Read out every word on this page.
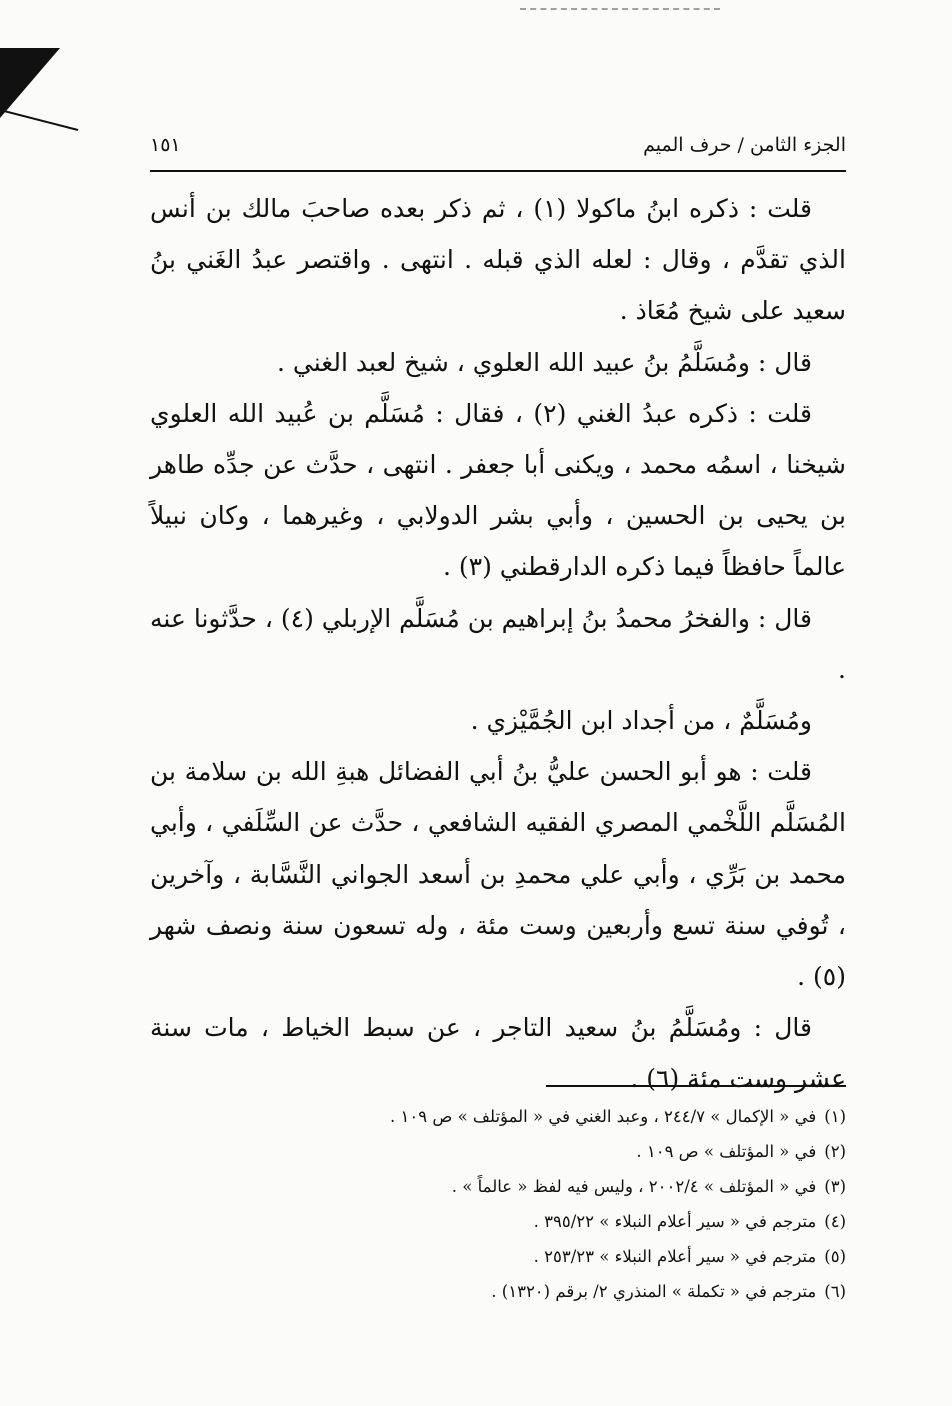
الجزء الثامن / حرف الميم
١٥١

قلت : ذكره ابنُ ماكولا (١) ، ثم ذكر بعده صاحبَ مالك بن أنس الذي تقدَّم ، وقال : لعله الذي قبله . انتهى . واقتصر عبدُ الغَني بنُ سعيد على شيخ مُعَاذ .

قال : ومُسَلَّمُ بنُ عبيد الله العلوي ، شيخ لعبد الغني .

قلت : ذكره عبدُ الغني (٢) ، فقال : مُسَلَّم بن عُبيد الله العلوي شيخنا ، اسمُه محمد ، ويكنى أبا جعفر . انتهى ، حدَّث عن جدِّه طاهر بن يحيى بن الحسين ، وأبي بشر الدولابي ، وغيرهما ، وكان نبيلاً عالماً حافظاً فيما ذكره الدارقطني (٣) .

قال : والفخرُ محمدُ بنُ إبراهيم بن مُسَلَّم الإربلي (٤) ، حدَّثونا عنه .

ومُسَلَّمٌ ، من أجداد ابن الجُمَّيْزي .

قلت : هو أبو الحسن عليُّ بنُ أبي الفضائل هبةِ الله بن سلامة بن المُسَلَّم اللَّخْمي المصري الفقيه الشافعي ، حدَّث عن السِّلَفي ، وأبي محمد بن بَرِّي ، وأبي علي محمدِ بن أسعد الجواني النَّسَّابة ، وآخرين ، تُوفي سنة تسع وأربعين وست مئة ، وله تسعون سنة ونصف شهر (٥) .

قال : ومُسَلَّمُ بنُ سعيد التاجر ، عن سبط الخياط ، مات سنة عشر وست مئة (٦) .

(١)في « الإكمال » ٢٤٤/٧ ، وعبد الغني في « المؤتلف » ص ١٠٩ .
(٢)في « المؤتلف » ص ١٠٩ .
(٣)في « المؤتلف » ٢٠٠٢/٤ ، وليس فيه لفظ « عالماً » .
(٤)مترجم في « سير أعلام النبلاء » ٣٩٥/٢٢ .
(٥)مترجم في « سير أعلام النبلاء » ٢٥٣/٢٣ .
(٦)مترجم في « تكملة » المنذري ٢/ برقم (١٣٢٠) .
